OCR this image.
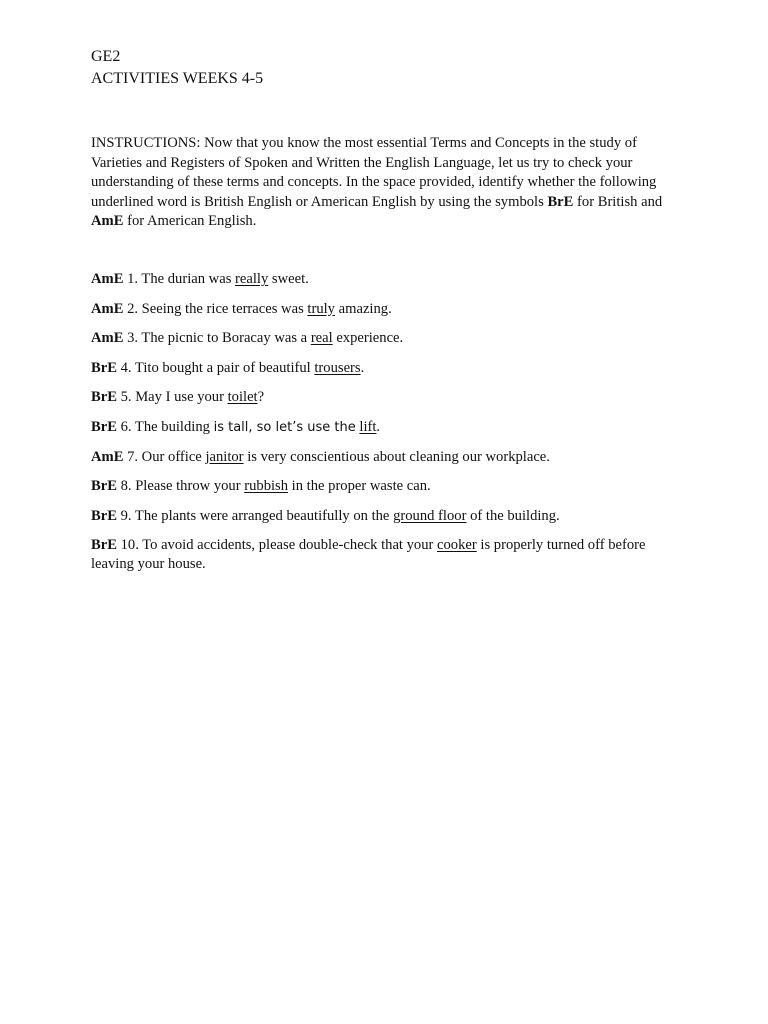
GE2
ACTIVITIES WEEKS 4-5

INSTRUCTIONS: Now that you know the most essential Terms and Concepts in the study of Varieties and Registers of Spoken and Written the English Language, let us try to check your understanding of these terms and concepts. In the space provided, identify whether the following underlined word is British English or American English by using the symbols BrE for British and AmE for American English.

AmE 1. The durian was really sweet.
AmE 2. Seeing the rice terraces was truly amazing.
AmE 3. The picnic to Boracay was a real experience.
BrE 4. Tito bought a pair of beautiful trousers.
BrE 5. May I use your toilet?
BrE 6. The building is tall, so let’s use the lift.
AmE 7. Our office janitor is very conscientious about cleaning our workplace.
BrE 8. Please throw your rubbish in the proper waste can.
BrE 9. The plants were arranged beautifully on the ground floor of the building.
BrE 10. To avoid accidents, please double-check that your cooker is properly turned off before leaving your house.
